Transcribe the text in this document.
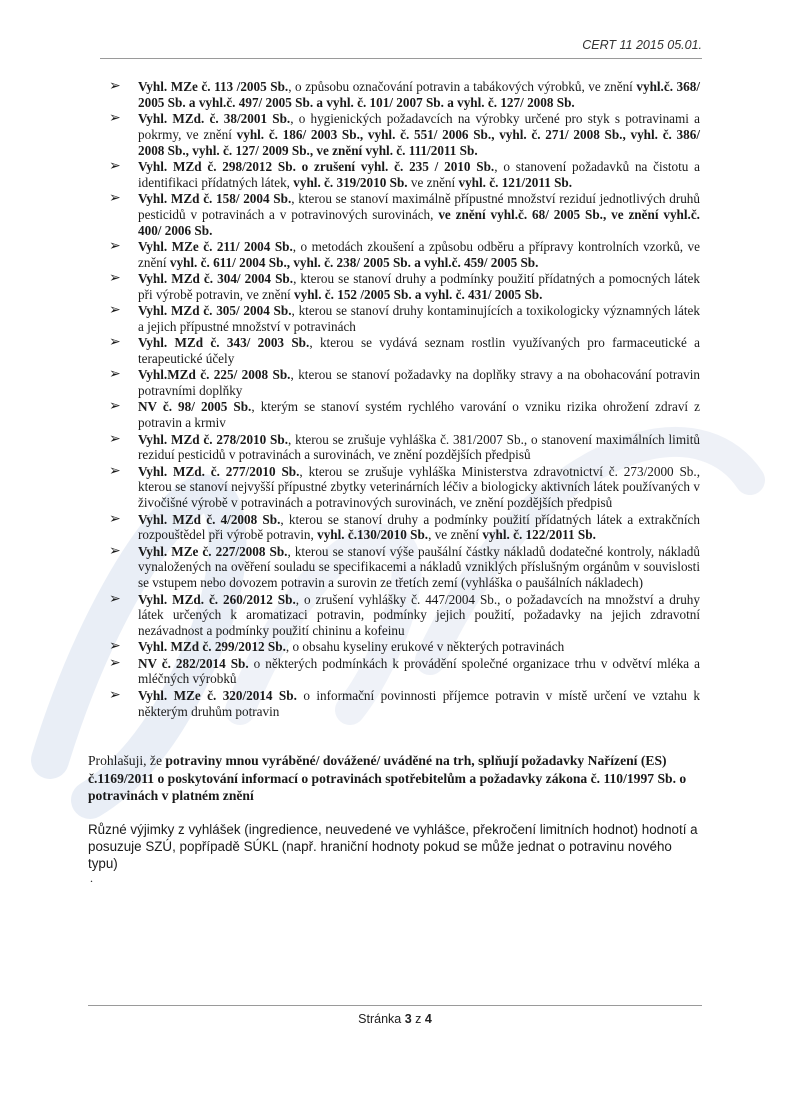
CERT 11 2015 05.01.
➢ Vyhl. MZe č. 113 /2005 Sb., o způsobu označování potravin a tabákových výrobků, ve znění vyhl.č. 368/ 2005 Sb. a vyhl.č. 497/ 2005 Sb. a vyhl. č. 101/ 2007 Sb. a vyhl. č. 127/ 2008 Sb.
➢ Vyhl. MZd. č. 38/2001 Sb., o hygienických požadavcích na výrobky určené pro styk s potravinami a pokrmy, ve znění vyhl. č. 186/ 2003 Sb., vyhl. č. 551/ 2006 Sb., vyhl. č. 271/ 2008 Sb., vyhl. č. 386/ 2008 Sb., vyhl. č. 127/ 2009 Sb., ve znění vyhl. č. 111/2011 Sb.
➢ Vyhl. MZd č. 298/2012 Sb. o zrušení vyhl. č. 235 / 2010 Sb., o stanovení požadavků na čistotu a identifikaci přídatných látek, vyhl. č. 319/2010 Sb. ve znění vyhl. č. 121/2011 Sb.
➢ Vyhl. MZd č. 158/ 2004 Sb., kterou se stanoví maximálně přípustné množství reziduí jednotlivých druhů pesticidů v potravinách a v potravinových surovinách, ve znění vyhl.č. 68/ 2005 Sb., ve znění vyhl.č. 400/ 2006 Sb.
➢ Vyhl. MZe č. 211/ 2004 Sb., o metodách zkoušení a způsobu odběru a přípravy kontrolních vzorků, ve znění vyhl. č. 611/ 2004 Sb., vyhl. č. 238/ 2005 Sb. a vyhl.č. 459/ 2005 Sb.
➢ Vyhl. MZd č. 304/ 2004 Sb., kterou se stanoví druhy a podmínky použití přídatných a pomocných látek při výrobě potravin, ve znění vyhl. č. 152 /2005 Sb. a vyhl. č. 431/ 2005 Sb.
➢ Vyhl. MZd č. 305/ 2004 Sb., kterou se stanoví druhy kontaminujících a toxikologicky významných látek a jejich přípustné množství v potravinách
➢ Vyhl. MZd č. 343/ 2003 Sb., kterou se vydává seznam rostlin využívaných pro farmaceutické a terapeutické účely
➢ Vyhl.MZd č. 225/ 2008 Sb., kterou se stanoví požadavky na doplňky stravy a na obohacování potravin potravními doplňky
➢ NV č. 98/ 2005 Sb., kterým se stanoví systém rychlého varování o vzniku rizika ohrožení zdraví z potravin a krmiv
➢ Vyhl. MZd č. 278/2010 Sb., kterou se zrušuje vyhláška č. 381/2007 Sb., o stanovení maximálních limitů reziduí pesticidů v potravinách a surovinách, ve znění pozdějších předpisů
➢ Vyhl. MZd. č. 277/2010 Sb., kterou se zrušuje vyhláška Ministerstva zdravotnictví č. 273/2000 Sb., kterou se stanoví nejvyšší přípustné zbytky veterinárních léčiv a biologicky aktivních látek používaných v živočišné výrobě v potravinách a potravinových surovinách, ve znění pozdějších předpisů
➢ Vyhl. MZd č. 4/2008 Sb., kterou se stanoví druhy a podmínky použití přídatných látek a extrakčních rozpouštědel při výrobě potravin, vyhl. č.130/2010 Sb., ve znění vyhl. č. 122/2011 Sb.
➢ Vyhl. MZe č. 227/2008 Sb., kterou se stanoví výše paušální částky nákladů dodatečné kontroly, nákladů vynaložených na ověření souladu se specifikacemi a nákladů vzniklých příslušným orgánům v souvislosti se vstupem nebo dovozem potravin a surovin ze třetích zemí (vyhláška o paušálních nákladech)
➢ Vyhl. MZd. č. 260/2012 Sb., o zrušení vyhlášky č. 447/2004 Sb., o požadavcích na množství a druhy látek určených k aromatizaci potravin, podmínky jejich použití, požadavky na jejich zdravotní nezávadnost a podmínky použití chininu a kofeinu
➢ Vyhl. MZd č. 299/2012 Sb., o obsahu kyseliny erukové v některých potravinách
➢ NV č. 282/2014 Sb. o některých podmínkách k provádění společné organizace trhu v odvětví mléka a mléčných výrobků
➢ Vyhl. MZe č. 320/2014 Sb. o informační povinnosti příjemce potravin v místě určení ve vztahu k některým druhům potravin
Prohlašuji, že potraviny mnou vyráběné/ dovážené/ uváděné na trh, splňují požadavky Nařízení (ES) č.1169/2011 o poskytování informací o potravinách spotřebitelům a požadavky zákona č. 110/1997 Sb. o potravinách v platném znění
Různé výjimky z vyhlášek (ingredience, neuvedené ve vyhlášce, překročení limitních hodnot) hodnotí a posuzuje SZÚ, popřípadě SÚKL (např. hraniční hodnoty pokud se může jednat o potravinu nového typu)
.
Stránka 3 z 4
